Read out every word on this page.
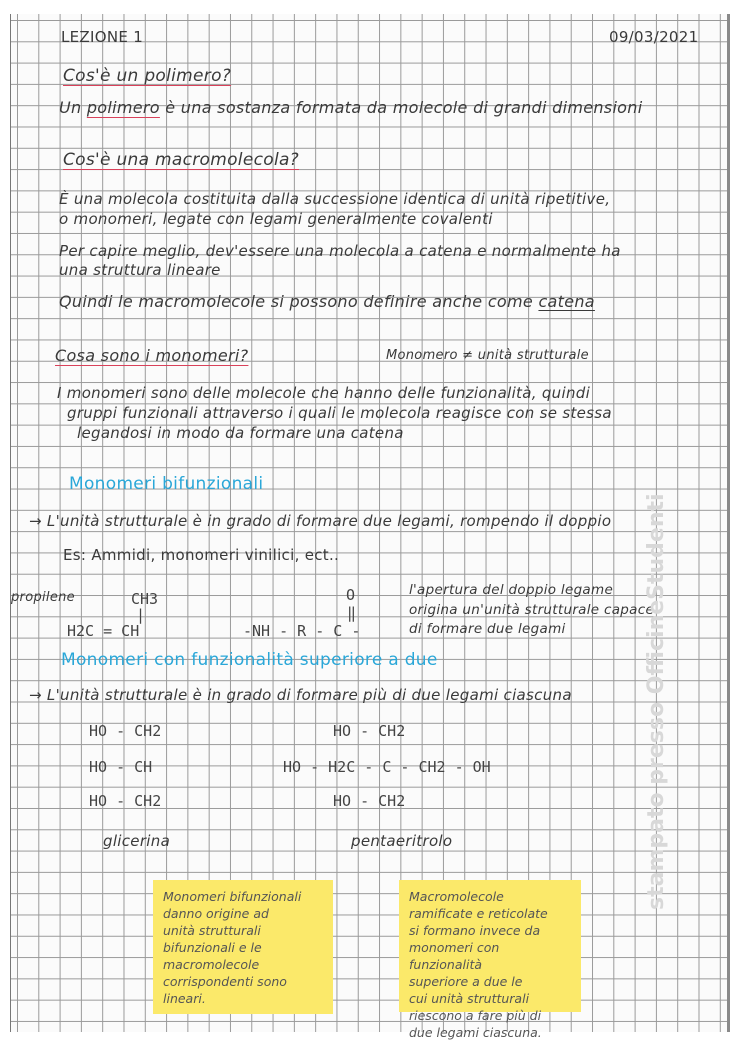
LEZIONE 1	09/03/2021
Cos'è un polimero?
Un polimero è una sostanza formata da molecole di grandi dimensioni
Cos'è una macromolecola?
È una molecola costituita dalla successione identica di unità ripetitive,
o monomeri, legate con legami generalmente covalenti
Per capire meglio, dev'essere una molecola a catena e normalmente ha
una struttura lineare
Quindi le macromolecole si possono definire anche come catena
Cosa sono i monomeri?	Monomero ≠ unità strutturale
I monomeri sono delle molecole che hanno delle funzionalità, quindi
gruppi funzionali attraverso i quali le molecola reagisce con se stessa
legandosi in modo da formare una catena
Monomeri bifunzionali
→ L'unità strutturale è in grado di formare due legami, rompendo il doppio
Es: Ammidi, monomeri vinilici, ect..
propilene	CH3
|
H2C = CH
O
‖
-NH - R - C -
l'apertura del doppio legame
origina un'unità strutturale capace
di formare due legami
Monomeri con funzionalità superiore a due
→ L'unità strutturale è in grado di formare più di due legami ciascuna
HO - CH2
HO - CH
HO - CH2
glicerina
HO - CH2
HO - H2C - C - CH2 - OH
HO - CH2
pentaeritrolo
Monomeri bifunzionali
danno origine ad
unità strutturali
bifunzionali e le
macromolecole
corrispondenti sono
lineari.
Macromolecole
ramificate e reticolate
si formano invece da
monomeri con funzionalità
superiore a due le
cui unità strutturali
riescono a fare più di
due legami ciascuna.
stampato presso OfficineStudenti
